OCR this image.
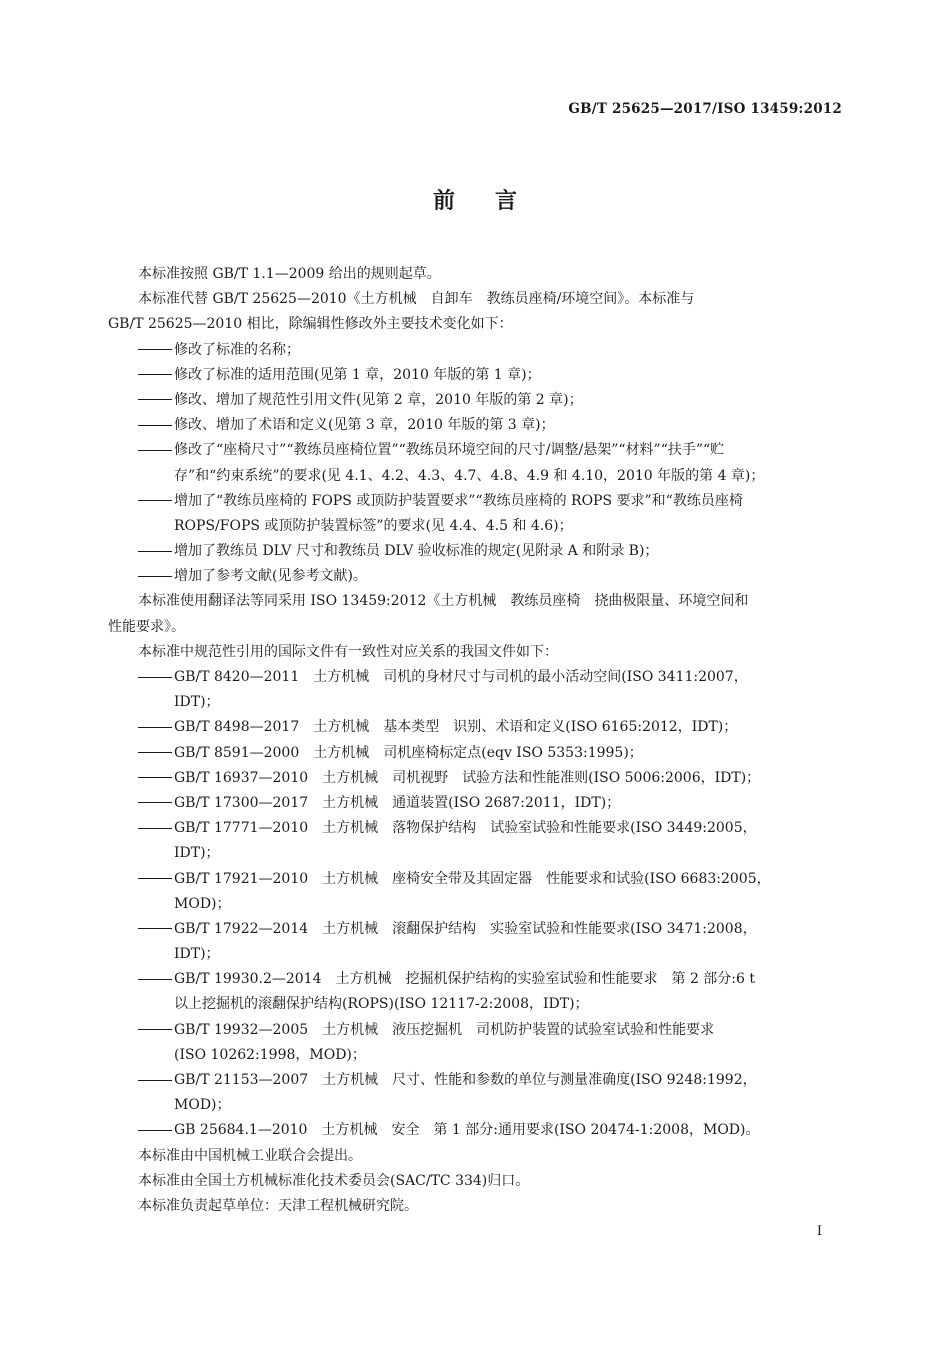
GB/T 25625—2017/ISO 13459:2012
前言
本标准按照 GB/T 1.1—2009 给出的规则起草。
本标准代替 GB/T 25625—2010《土方机械　自卸车　教练员座椅/环境空间》。本标准与
GB/T 25625—2010 相比，除编辑性修改外主要技术变化如下：
修改了标准的名称；
修改了标准的适用范围(见第 1 章，2010 年版的第 1 章)；
修改、增加了规范性引用文件(见第 2 章，2010 年版的第 2 章)；
修改、增加了术语和定义(见第 3 章，2010 年版的第 3 章)；
修改了“座椅尺寸”“教练员座椅位置”“教练员环境空间的尺寸/调整/悬架”“材料”“扶手”“贮
存”和“约束系统”的要求(见 4.1、4.2、4.3、4.7、4.8、4.9 和 4.10，2010 年版的第 4 章)；
增加了“教练员座椅的 FOPS 或顶防护装置要求”“教练员座椅的 ROPS 要求”和“教练员座椅
ROPS/FOPS 或顶防护装置标签”的要求(见 4.4、4.5 和 4.6)；
增加了教练员 DLV 尺寸和教练员 DLV 验收标准的规定(见附录 A 和附录 B)；
增加了参考文献(见参考文献)。
本标准使用翻译法等同采用 ISO 13459:2012《土方机械　教练员座椅　挠曲极限量、环境空间和
性能要求》。
本标准中规范性引用的国际文件有一致性对应关系的我国文件如下：
GB/T 8420—2011　土方机械　司机的身材尺寸与司机的最小活动空间(ISO 3411:2007，
IDT)；
GB/T 8498—2017　土方机械　基本类型　识别、术语和定义(ISO 6165:2012，IDT)；
GB/T 8591—2000　土方机械　司机座椅标定点(eqv ISO 5353:1995)；
GB/T 16937—2010　土方机械　司机视野　试验方法和性能准则(ISO 5006:2006，IDT)；
GB/T 17300—2017　土方机械　通道装置(ISO 2687:2011，IDT)；
GB/T 17771—2010　土方机械　落物保护结构　试验室试验和性能要求(ISO 3449:2005，
IDT)；
GB/T 17921—2010　土方机械　座椅安全带及其固定器　性能要求和试验(ISO 6683:2005，
MOD)；
GB/T 17922—2014　土方机械　滚翻保护结构　实验室试验和性能要求(ISO 3471:2008，
IDT)；
GB/T 19930.2—2014　土方机械　挖掘机保护结构的实验室试验和性能要求　第 2 部分:6 t
以上挖掘机的滚翻保护结构(ROPS)(ISO 12117-2:2008，IDT)；
GB/T 19932—2005　土方机械　液压挖掘机　司机防护装置的试验室试验和性能要求
(ISO 10262:1998，MOD)；
GB/T 21153—2007　土方机械　尺寸、性能和参数的单位与测量准确度(ISO 9248:1992，
MOD)；
GB 25684.1—2010　土方机械　安全　第 1 部分:通用要求(ISO 20474-1:2008，MOD)。
本标准由中国机械工业联合会提出。
本标准由全国土方机械标准化技术委员会(SAC/TC 334)归口。
本标准负责起草单位：天津工程机械研究院。
I
